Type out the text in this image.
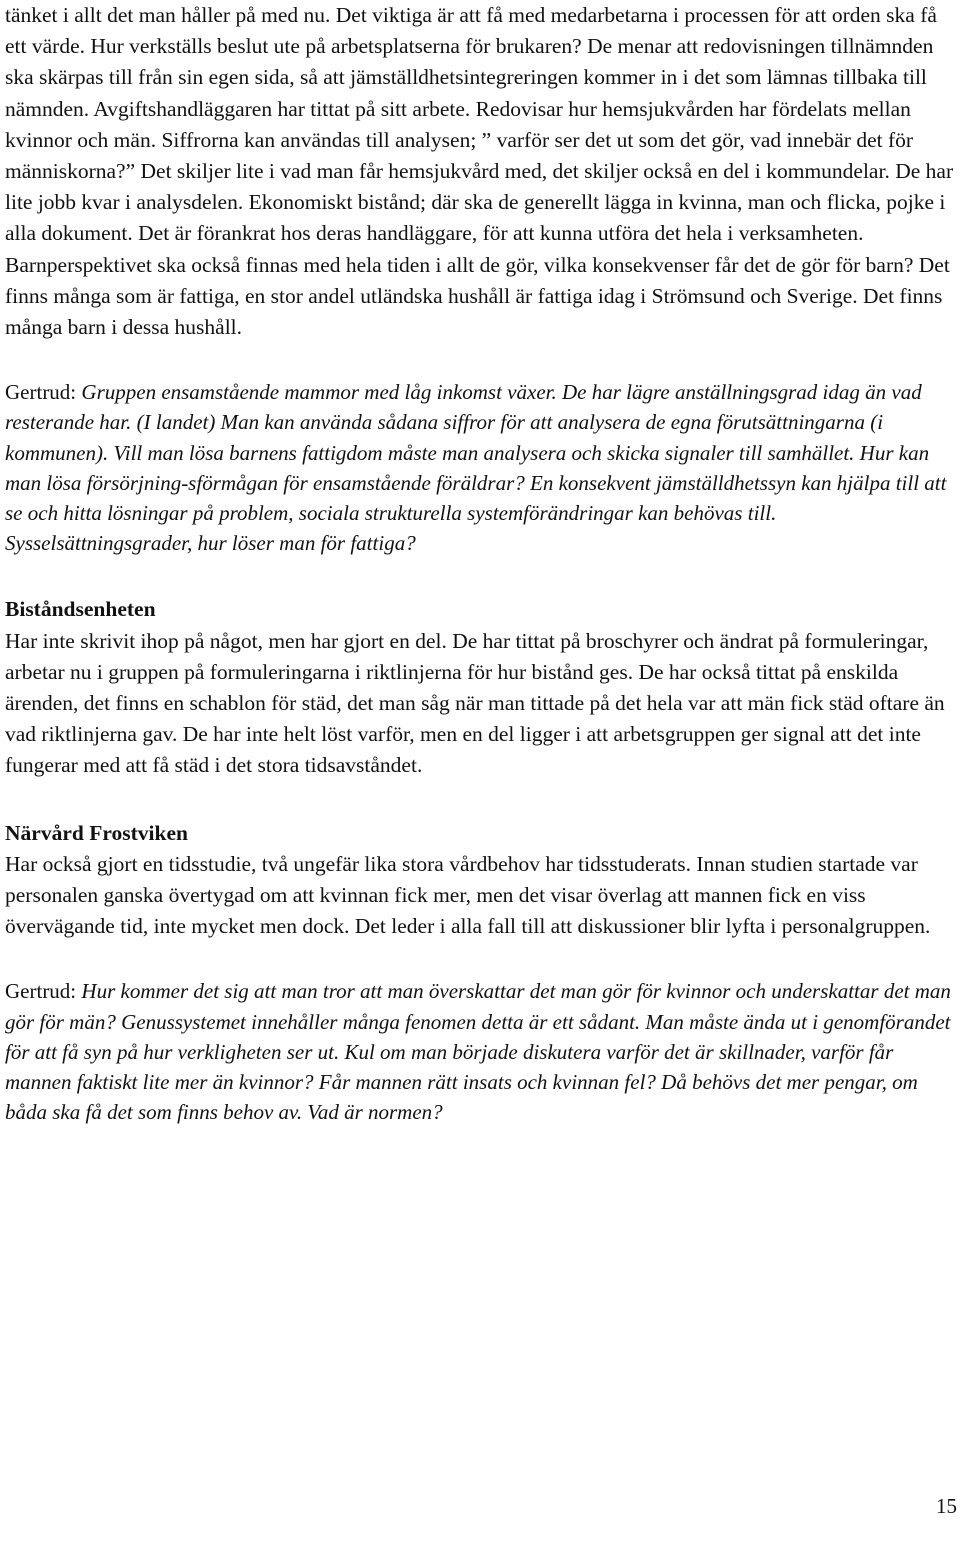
tänket i allt det man håller på med nu. Det viktiga är att få med medarbetarna i processen för att orden ska få ett värde. Hur verkställs beslut ute på arbetsplatserna för brukaren? De menar att redovisningen tillnämnden ska skärpas till från sin egen sida, så att jämställdhetsintegreringen kommer in i det som lämnas tillbaka till nämnden. Avgiftshandläggaren har tittat på sitt arbete. Redovisar hur hemsjukvården har fördelats mellan kvinnor och män. Siffrorna kan användas till analysen; ” varför ser det ut som det gör, vad innebär det för människorna?” Det skiljer lite i vad man får hemsjukvård med, det skiljer också en del i kommundelar. De har lite jobb kvar i analysdelen. Ekonomiskt bistånd; där ska de generellt lägga in kvinna, man och flicka, pojke i alla dokument. Det är förankrat hos deras handläggare, för att kunna utföra det hela i verksamheten. Barnperspektivet ska också finnas med hela tiden i allt de gör, vilka konsekvenser får det de gör för barn? Det finns många som är fattiga, en stor andel utländska hushåll är fattiga idag i Strömsund och Sverige. Det finns många barn i dessa hushåll.

Gertrud: Gruppen ensamstående mammor med låg inkomst växer. De har lägre anställningsgrad idag än vad resterande har. (I landet) Man kan använda sådana siffror för att analysera de egna förutsättningarna (i kommunen). Vill man lösa barnens fattigdom måste man analysera och skicka signaler till samhället. Hur kan man lösa försörjning-sförmågan för ensamstående föräldrar? En konsekvent jämställdhetssyn kan hjälpa till att se och hitta lösningar på problem, sociala strukturella systemförändringar kan behövas till. Sysselsättningsgrader, hur löser man för fattiga?

Biståndsenheten

Har inte skrivit ihop på något, men har gjort en del. De har tittat på broschyrer och ändrat på formuleringar, arbetar nu i gruppen på formuleringarna i riktlinjerna för hur bistånd ges. De har också tittat på enskilda ärenden, det finns en schablon för städ, det man såg när man tittade på det hela var att män fick städ oftare än vad riktlinjerna gav. De har inte helt löst varför, men en del ligger i att arbetsgruppen ger signal att det inte fungerar med att få städ i det stora tidsavståndet.

Närvård Frostviken

Har också gjort en tidsstudie, två ungefär lika stora vårdbehov har tidsstuderats. Innan studien startade var personalen ganska övertygad om att kvinnan fick mer, men det visar överlag att mannen fick en viss övervägande tid, inte mycket men dock. Det leder i alla fall till att diskussioner blir lyfta i personalgruppen.

Gertrud: Hur kommer det sig att man tror att man överskattar det man gör för kvinnor och underskattar det man gör för män? Genussystemet innehåller många fenomen detta är ett sådant. Man måste ända ut i genomförandet för att få syn på hur verkligheten ser ut. Kul om man började diskutera varför det är skillnader, varför får mannen faktiskt lite mer än kvinnor? Får mannen rätt insats och kvinnan fel? Då behövs det mer pengar, om båda ska få det som finns behov av. Vad är normen?

15
